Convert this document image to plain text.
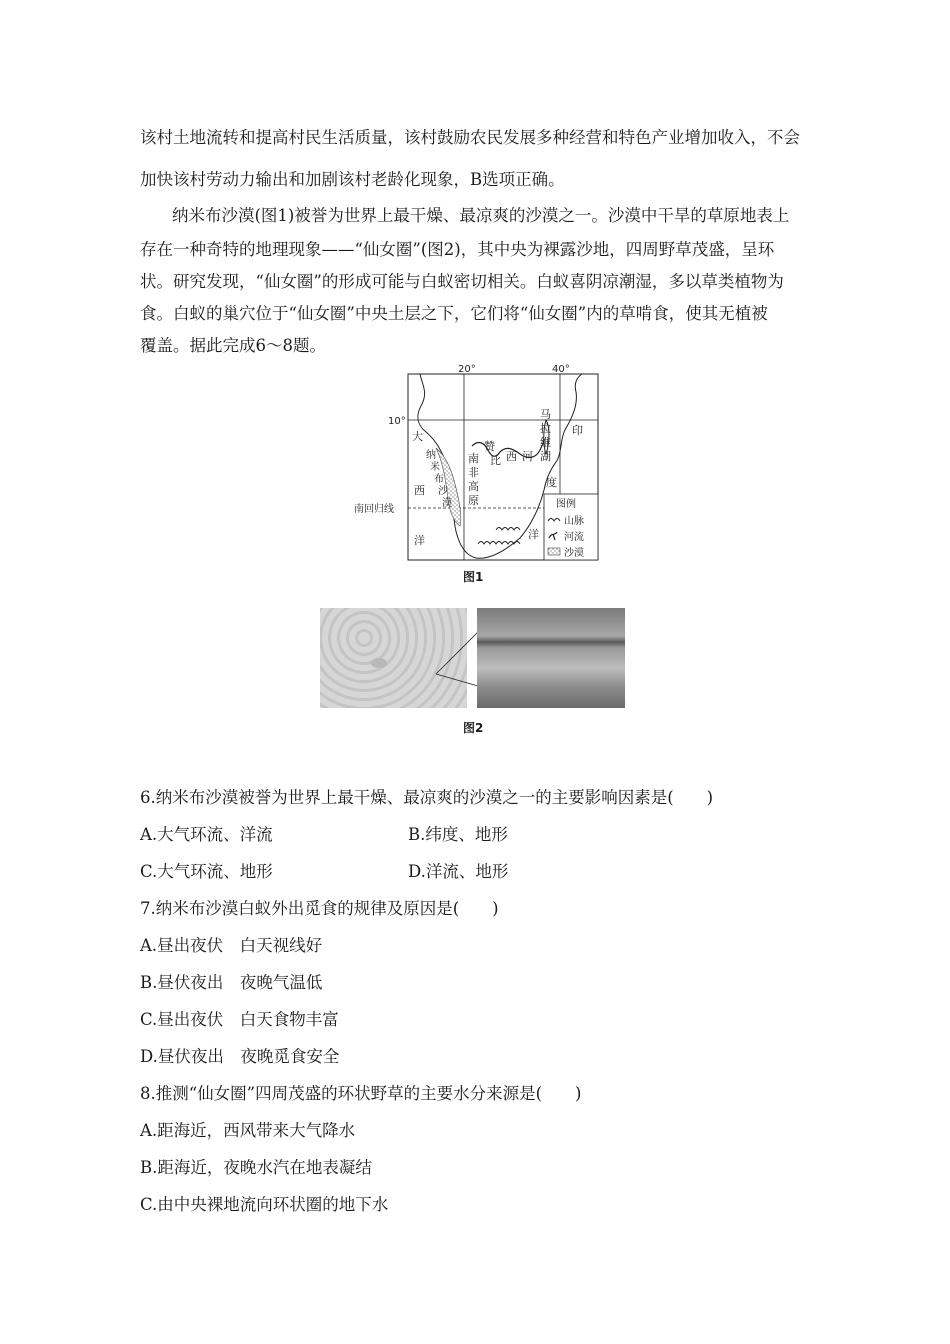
该村土地流转和提高村民生活质量，该村鼓励农民发展多种经营和特色产业增加收入，不会
加快该村劳动力输出和加剧该村老龄化现象，B选项正确。
纳米布沙漠(图1)被誉为世界上最干燥、最凉爽的沙漠之一。沙漠中干旱的草原地表上
存在一种奇特的地理现象——“仙女圈”(图2)，其中央为裸露沙地，四周野草茂盛，呈环
状。研究发现，“仙女圈”的形成可能与白蚁密切相关。白蚁喜阴凉潮湿，多以草类植物为
食。白蚁的巢穴位于“仙女圈”中央土层之下，它们将“仙女圈”内的草啃食，使其无植被
覆盖。据此完成6～8题。
20°	40°
10°
南回归线
大
西
洋
纳
米
布
沙
漠
南
非
高
原
赞
比 西 河
马
拉
维
湖
印
度
洋
图例
山脉
河流
沙漠
图1
图2
6.纳米布沙漠被誉为世界上最干燥、最凉爽的沙漠之一的主要影响因素是(　　)
A.大气环流、洋流	B.纬度、地形
C.大气环流、地形	D.洋流、地形
7.纳米布沙漠白蚁外出觅食的规律及原因是(　　)
A.昼出夜伏　白天视线好
B.昼伏夜出　夜晚气温低
C.昼出夜伏　白天食物丰富
D.昼伏夜出　夜晚觅食安全
8.推测“仙女圈”四周茂盛的环状野草的主要水分来源是(　　)
A.距海近，西风带来大气降水
B.距海近，夜晚水汽在地表凝结
C.由中央裸地流向环状圈的地下水
